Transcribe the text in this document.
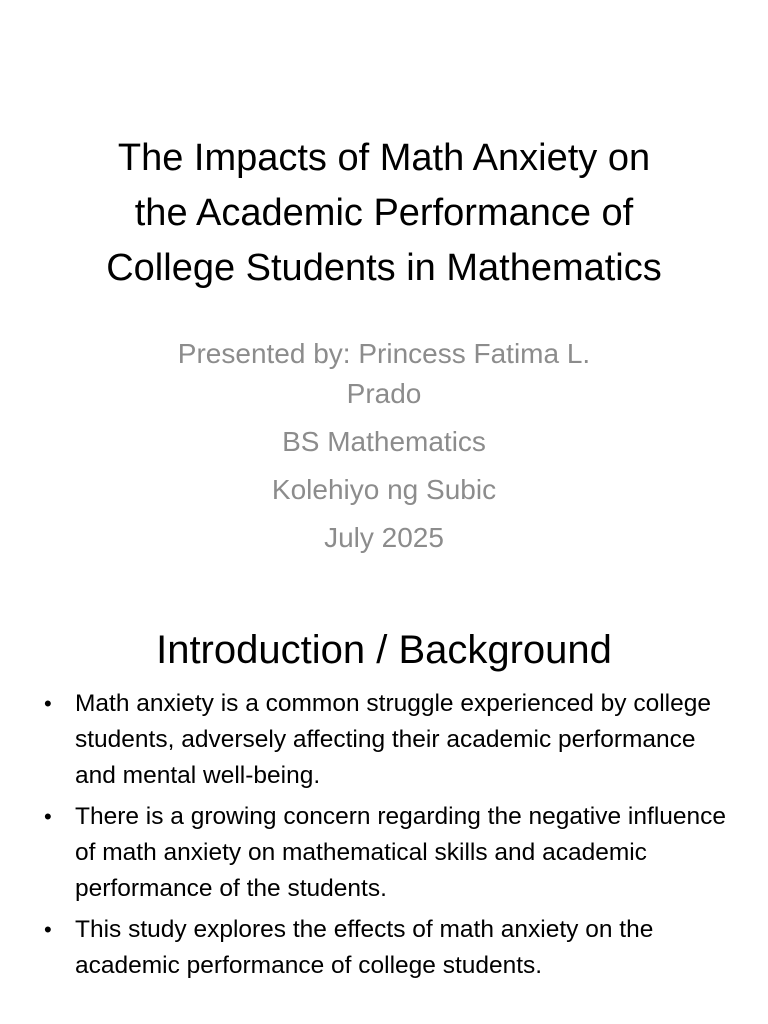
The Impacts of Math Anxiety on
the Academic Performance of
College Students in Mathematics
Presented by: Princess Fatima L.
Prado
BS Mathematics
Kolehiyo ng Subic
July 2025
Introduction / Background
• Math anxiety is a common struggle experienced by college students, adversely affecting their academic performance and mental well-being.
• There is a growing concern regarding the negative influence of math anxiety on mathematical skills and academic performance of the students.
• This study explores the effects of math anxiety on the academic performance of college students.
